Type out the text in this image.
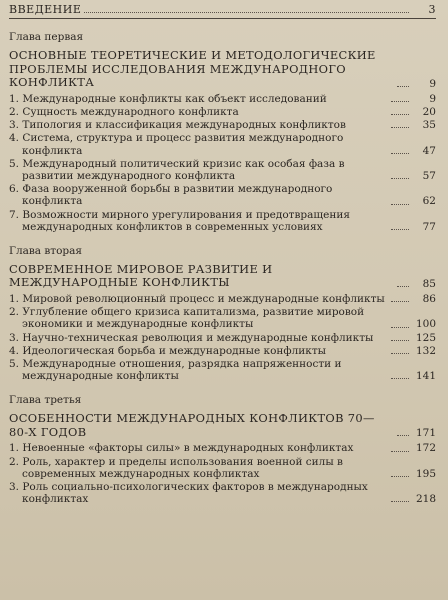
ВВЕДЕНИЕ	3
Глава первая
ОСНОВНЫЕ ТЕОРЕТИЧЕСКИЕ И МЕТОДОЛОГИЧЕСКИЕ ПРОБЛЕМЫ ИССЛЕДОВАНИЯ МЕЖДУНАРОДНОГО КОНФЛИКТА	9
1. Международные конфликты как объект исследований	9
2. Сущность международного конфликта	20
3. Типология и классификация международных конфликтов	35
4. Система, структура и процесс развития международного конфликта	47
5. Международный политический кризис как особая фаза в развитии международного конфликта	57
6. Фаза вооруженной борьбы в развитии международного конфликта	62
7. Возможности мирного урегулирования и предотвращения международных конфликтов в современных условиях	77
Глава вторая
СОВРЕМЕННОЕ МИРОВОЕ РАЗВИТИЕ И МЕЖДУНАРОДНЫЕ КОНФЛИКТЫ	85
1. Мировой революционный процесс и международные конфликты	86
2. Углубление общего кризиса капитализма, развитие мировой экономики и международные конфликты	100
3. Научно-техническая революция и международные конфликты	125
4. Идеологическая борьба и международные конфликты	132
5. Международные отношения, разрядка напряженности и международные конфликты	141
Глава третья
ОСОБЕННОСТИ МЕЖДУНАРОДНЫХ КОНФЛИКТОВ 70—80-Х ГОДОВ	171
1. Невоенные «факторы силы» в международных конфликтах	172
2. Роль, характер и пределы использования военной силы в современных международных конфликтах	195
3. Роль социально-психологических факторов в международных конфликтах	218
